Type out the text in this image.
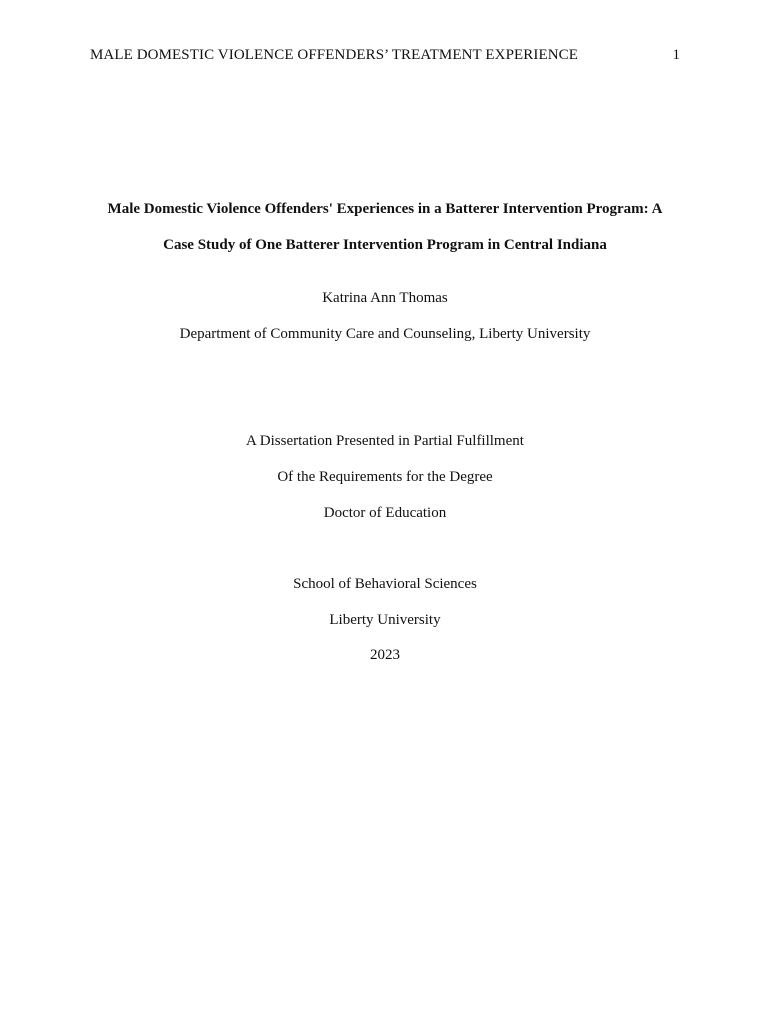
MALE DOMESTIC VIOLENCE OFFENDERS’ TREATMENT EXPERIENCE	1
Male Domestic Violence Offenders' Experiences in a Batterer Intervention Program: A
Case Study of One Batterer Intervention Program in Central Indiana
Katrina Ann Thomas
Department of Community Care and Counseling, Liberty University
A Dissertation Presented in Partial Fulfillment
Of the Requirements for the Degree
Doctor of Education
School of Behavioral Sciences
Liberty University
2023
